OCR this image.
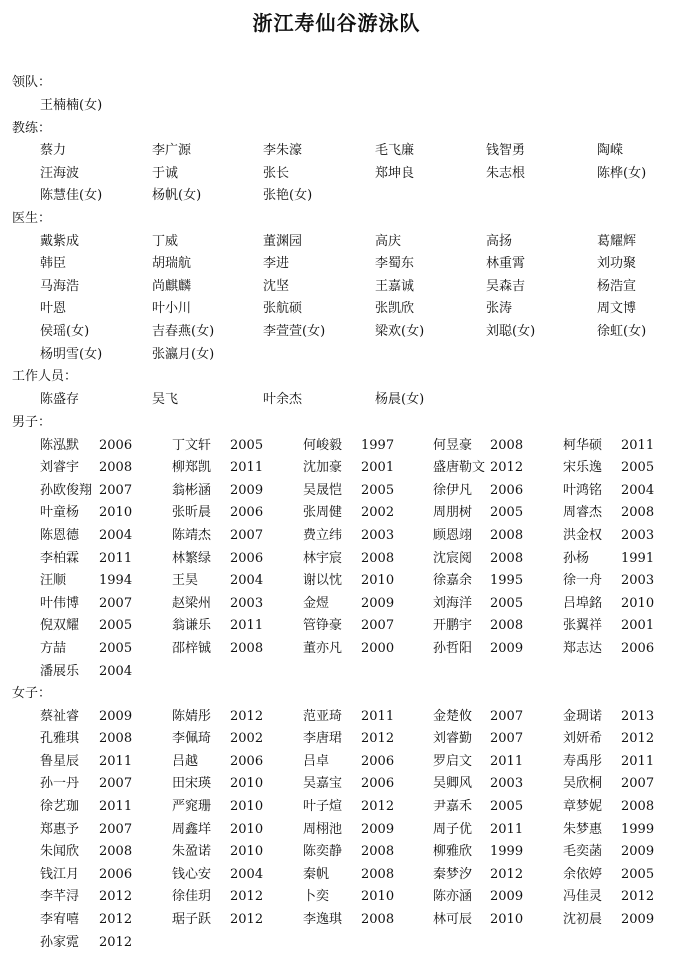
浙江寿仙谷游泳队
领队：
王楠楠(女)
教练：
蔡力	李广源	李朱濠	毛飞廉	钱智勇	陶嵘
汪海波	于诚	张长	郑坤良	朱志根	陈桦(女)
陈慧佳(女)	杨帆(女)	张艳(女)
医生：
戴紫成	丁威	董渊园	高庆	高扬	葛耀辉
韩臣	胡瑞航	李进	李蜀东	林重霄	刘功聚
马海浩	尚麒麟	沈坚	王嘉诚	吴森吉	杨浩宣
叶恩	叶小川	张航硕	张凯欣	张涛	周文博
侯瑶(女)	吉春燕(女)	李萱萱(女)	梁欢(女)	刘聪(女)	徐虹(女)
杨明雪(女)	张瀛月(女)
工作人员：
陈盛存	吴飞	叶余杰	杨晨(女)
男子：
陈泓默 2006	丁文轩 2005	何峻毅 1997	何昱豪 2008	柯华硕 2011
刘睿宇 2008	柳郑凯 2011	沈加豪 2001	盛唐勒文 2012	宋乐逸 2005
孙欧俊翔 2007	翁彬涵 2009	吴晟恺 2005	徐伊凡 2006	叶鸿铭 2004
叶童杨 2010	张昕晨 2006	张周健 2002	周朋树 2005	周睿杰 2008
陈恩德 2004	陈靖杰 2007	费立纬 2003	顾恩翊 2008	洪金权 2003
李柏霖 2011	林繁绿 2006	林宇宸 2008	沈宸阅 2008	孙杨 1991
汪顺	1994	王昊 2004	谢以忱 2010	徐嘉余 1995	徐一舟 2003
叶伟博 2007	赵梁州 2003	金煜 2009	刘海洋 2005	吕埠銘 2010
倪双耀 2005	翁谦乐 2011	管铮豪 2007	开鹏宇 2008	张翼祥 2001
方喆	2005	邵梓铖 2008	董亦凡 2000	孙哲阳 2009	郑志达 2006
潘展乐 2004
女子：
蔡祉睿 2009	陈婧彤 2012	范亚琦 2011	金楚攸 2007	金琱诺 2013
孔雅琪 2008	李佩琦 2002	李唐珺 2012	刘睿勤 2007	刘妍希 2012
鲁星辰 2011	吕越 2006	吕卓 2006	罗启文 2011	寿禹彤 2011
孙一丹 2007	田宋瑛 2010	吴嘉宝 2006	吴卿风 2003	吴欣桐 2007
徐艺珈 2011	严窕珊 2010	叶子煊 2012	尹嘉禾 2005	章梦妮 2008
郑惠予 2007	周鑫垟 2010	周栩池 2009	周子优 2011	朱梦惠 1999
朱闻欣 2008	朱盈诺 2010	陈奕静 2008	柳雅欣 1999	毛奕菡 2009
钱江月 2006	钱心安 2004	秦帆 2008	秦梦汐 2012	余依婷 2005
李芊浔 2012	徐佳玥 2012	卜奕 2010	陈亦涵 2009	冯佳灵 2012
李宥嘻 2012	琚子跃 2012	李逸琪 2008	林可辰 2010	沈初晨 2009
孙家霓 2012
